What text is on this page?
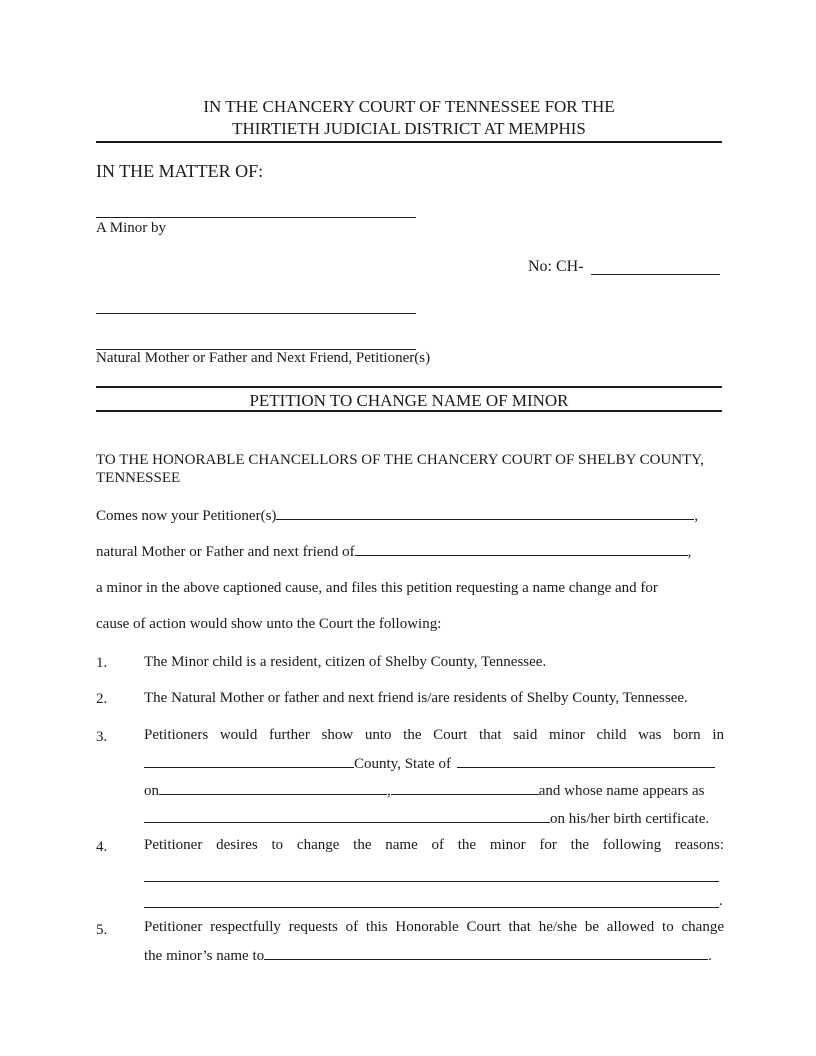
IN THE CHANCERY COURT OF TENNESSEE FOR THE
THIRTIETH JUDICIAL DISTRICT AT MEMPHIS
IN THE MATTER OF:
A Minor by
No: CH-
Natural Mother or Father and Next Friend, Petitioner(s)
PETITION TO CHANGE NAME OF MINOR
TO THE HONORABLE CHANCELLORS OF THE CHANCERY COURT OF SHELBY COUNTY, TENNESSEE
Comes now your Petitioner(s)	,
natural Mother or Father and next friend of	,
a minor in the above captioned cause, and files this petition requesting a name change and for
cause of action would show unto the Court the following:
1. The Minor child is a resident, citizen of Shelby County, Tennessee.
2. The Natural Mother or father and next friend is/are residents of Shelby County, Tennessee.
3. Petitioners would further show unto the Court that said minor child was born in
County, State of
on	,	and whose name appears as
on his/her birth certificate.
4. Petitioner desires to change the name of the minor for the following reasons:
.
5. Petitioner respectfully requests of this Honorable Court that he/she be allowed to change
the minor’s name to	.
